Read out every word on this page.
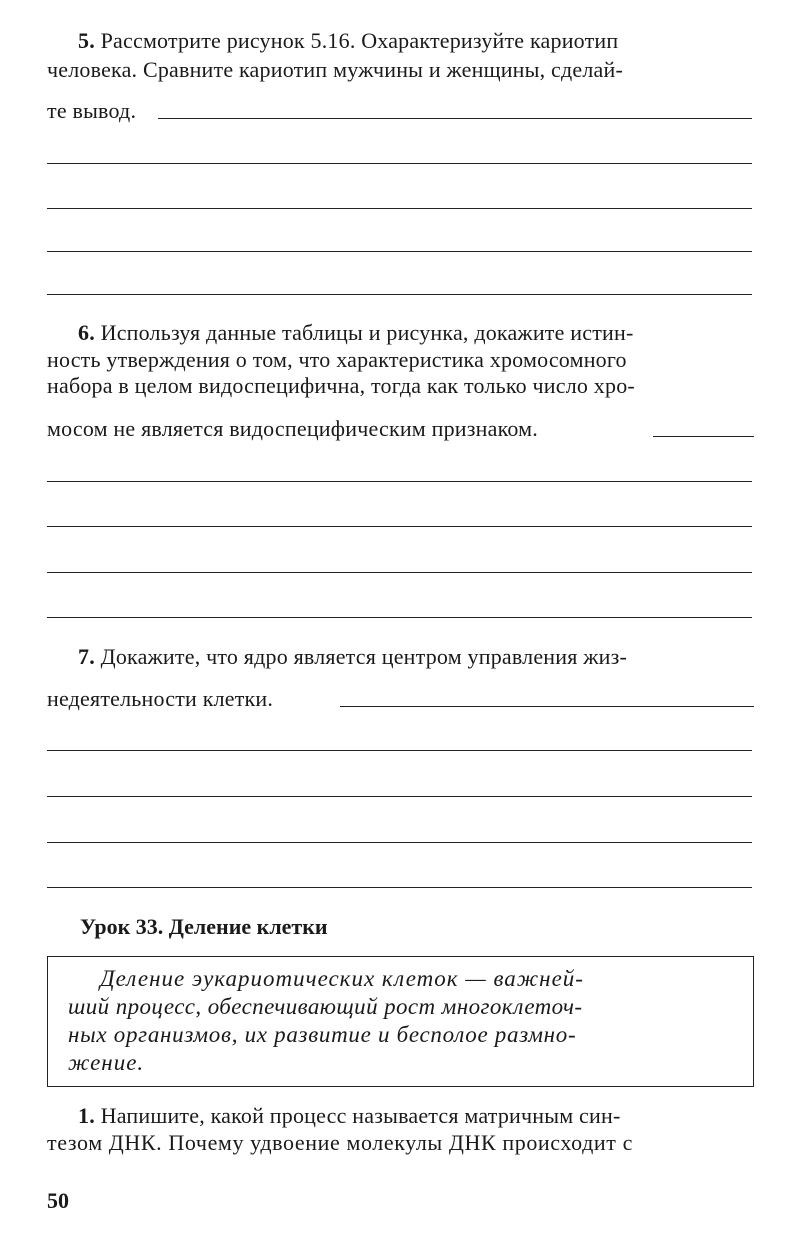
5. Рассмотрите рисунок 5.16. Охарактеризуйте кариотип
человека. Сравните кариотип мужчины и женщины, сделай-
те вывод.
6. Используя данные таблицы и рисунка, докажите истин-
ность утверждения о том, что характеристика хромосомного
набора в целом видоспецифична, тогда как только число хро-
мосом не является видоспецифическим признаком.
7. Докажите, что ядро является центром управления жиз-
недеятельности клетки.
Урок 33. Деление клетки
Деление эукариотических клеток — важней-
ший процесс, обеспечивающий рост многоклеточ-
ных организмов, их развитие и бесполое размно-
жение.
1. Напишите, какой процесс называется матричным син-
тезом ДНК. Почему удвоение молекулы ДНК происходит с
50
